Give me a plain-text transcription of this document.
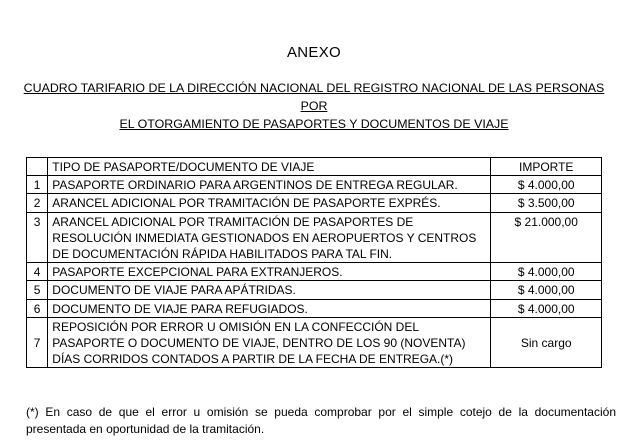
ANEXO
CUADRO TARIFARIO DE LA DIRECCIÓN NACIONAL DEL REGISTRO NACIONAL DE LAS PERSONAS POR
EL OTORGAMIENTO DE PASAPORTES Y DOCUMENTOS DE VIAJE
	TIPO DE PASAPORTE/DOCUMENTO DE VIAJE	IMPORTE
1	PASAPORTE ORDINARIO PARA ARGENTINOS DE ENTREGA REGULAR.	$ 4.000,00
2	ARANCEL ADICIONAL POR TRAMITACIÓN DE PASAPORTE EXPRÉS.	$ 3.500,00
3	ARANCEL ADICIONAL POR TRAMITACIÓN DE PASAPORTES DE
RESOLUCIÓN INMEDIATA GESTIONADOS EN AEROPUERTOS Y CENTROS
DE DOCUMENTACIÓN RÁPIDA HABILITADOS PARA TAL FIN.	$ 21.000,00
4	PASAPORTE EXCEPCIONAL PARA EXTRANJEROS.	$ 4.000,00
5	DOCUMENTO DE VIAJE PARA APÁTRIDAS.	$ 4.000,00
6	DOCUMENTO DE VIAJE PARA REFUGIADOS.	$ 4.000,00
7	REPOSICIÓN POR ERROR U OMISIÓN EN LA CONFECCIÓN DEL
PASAPORTE O DOCUMENTO DE VIAJE, DENTRO DE LOS 90 (NOVENTA)
DÍAS CORRIDOS CONTADOS A PARTIR DE LA FECHA DE ENTREGA.(*)	Sin cargo
(*) En caso de que el error u omisión se pueda comprobar por el simple cotejo de la documentación presentada en oportunidad de la tramitación.
